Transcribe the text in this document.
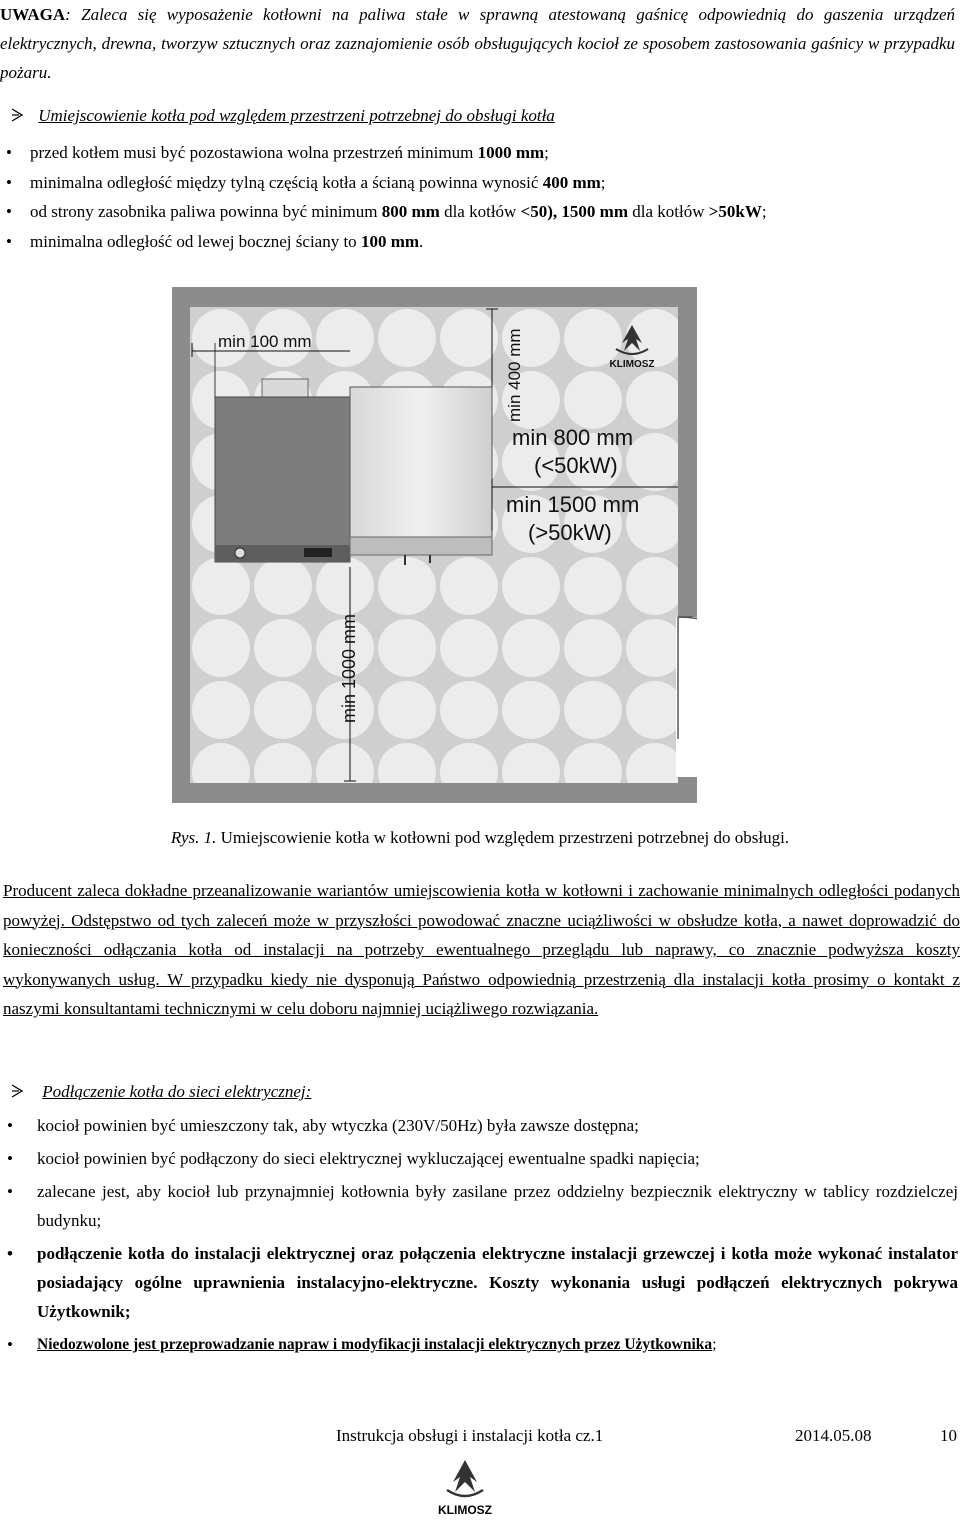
UWAGA: Zaleca się wyposażenie kotłowni na paliwa stałe w sprawną atestowaną gaśnicę odpowiednią do gaszenia urządzeń elektrycznych, drewna, tworzyw sztucznych oraz zaznajomienie osób obsługujących kocioł ze sposobem zastosowania gaśnicy w przypadku pożaru.
Umiejscowienie kotła pod względem przestrzeni potrzebnej do obsługi kotła
• przed kotłem musi być pozostawiona wolna przestrzeń minimum 1000 mm;
• minimalna odległość między tylną częścią kotła a ścianą powinna wynosić 400 mm;
• od strony zasobnika paliwa powinna być minimum 800 mm dla kotłów <50), 1500 mm dla kotłów >50kW;
• minimalna odległość od lewej bocznej ściany to 100 mm.
min 100 mm	min 400 mm
min 800 mm
(<50kW)
min 1500 mm
(>50kW)
min 1000 mm
KLIMOSZ
Rys. 1. Umiejscowienie kotła w kotłowni pod względem przestrzeni potrzebnej do obsługi.
Producent zaleca dokładne przeanalizowanie wariantów umiejscowienia kotła w kotłowni i zachowanie minimalnych odległości podanych powyżej. Odstępstwo od tych zaleceń może w przyszłości powodować znaczne uciążliwości w obsłudze kotła, a nawet doprowadzić do konieczności odłączania kotła od instalacji na potrzeby ewentualnego przeglądu lub naprawy, co znacznie podwyższa koszty wykonywanych usług. W przypadku kiedy nie dysponują Państwo odpowiednią przestrzenią dla instalacji kotła prosimy o kontakt z naszymi konsultantami technicznymi w celu doboru najmniej uciążliwego rozwiązania.
Podłączenie kotła do sieci elektrycznej:
• kocioł powinien być umieszczony tak, aby wtyczka (230V/50Hz) była zawsze dostępna;
• kocioł powinien być podłączony do sieci elektrycznej wykluczającej ewentualne spadki napięcia;
• zalecane jest, aby kocioł lub przynajmniej kotłownia były zasilane przez oddzielny bezpiecznik elektryczny w tablicy rozdzielczej budynku;
• podłączenie kotła do instalacji elektrycznej oraz połączenia elektryczne instalacji grzewczej i kotła może wykonać instalator posiadający ogólne uprawnienia instalacyjno-elektryczne. Koszty wykonania usługi podłączeń elektrycznych pokrywa Użytkownik;
• Niedozwolone jest przeprowadzanie napraw i modyfikacji instalacji elektrycznych przez Użytkownika;
Instrukcja obsługi i instalacji kotła cz.1	2014.05.08	10
KLIMOSZ
